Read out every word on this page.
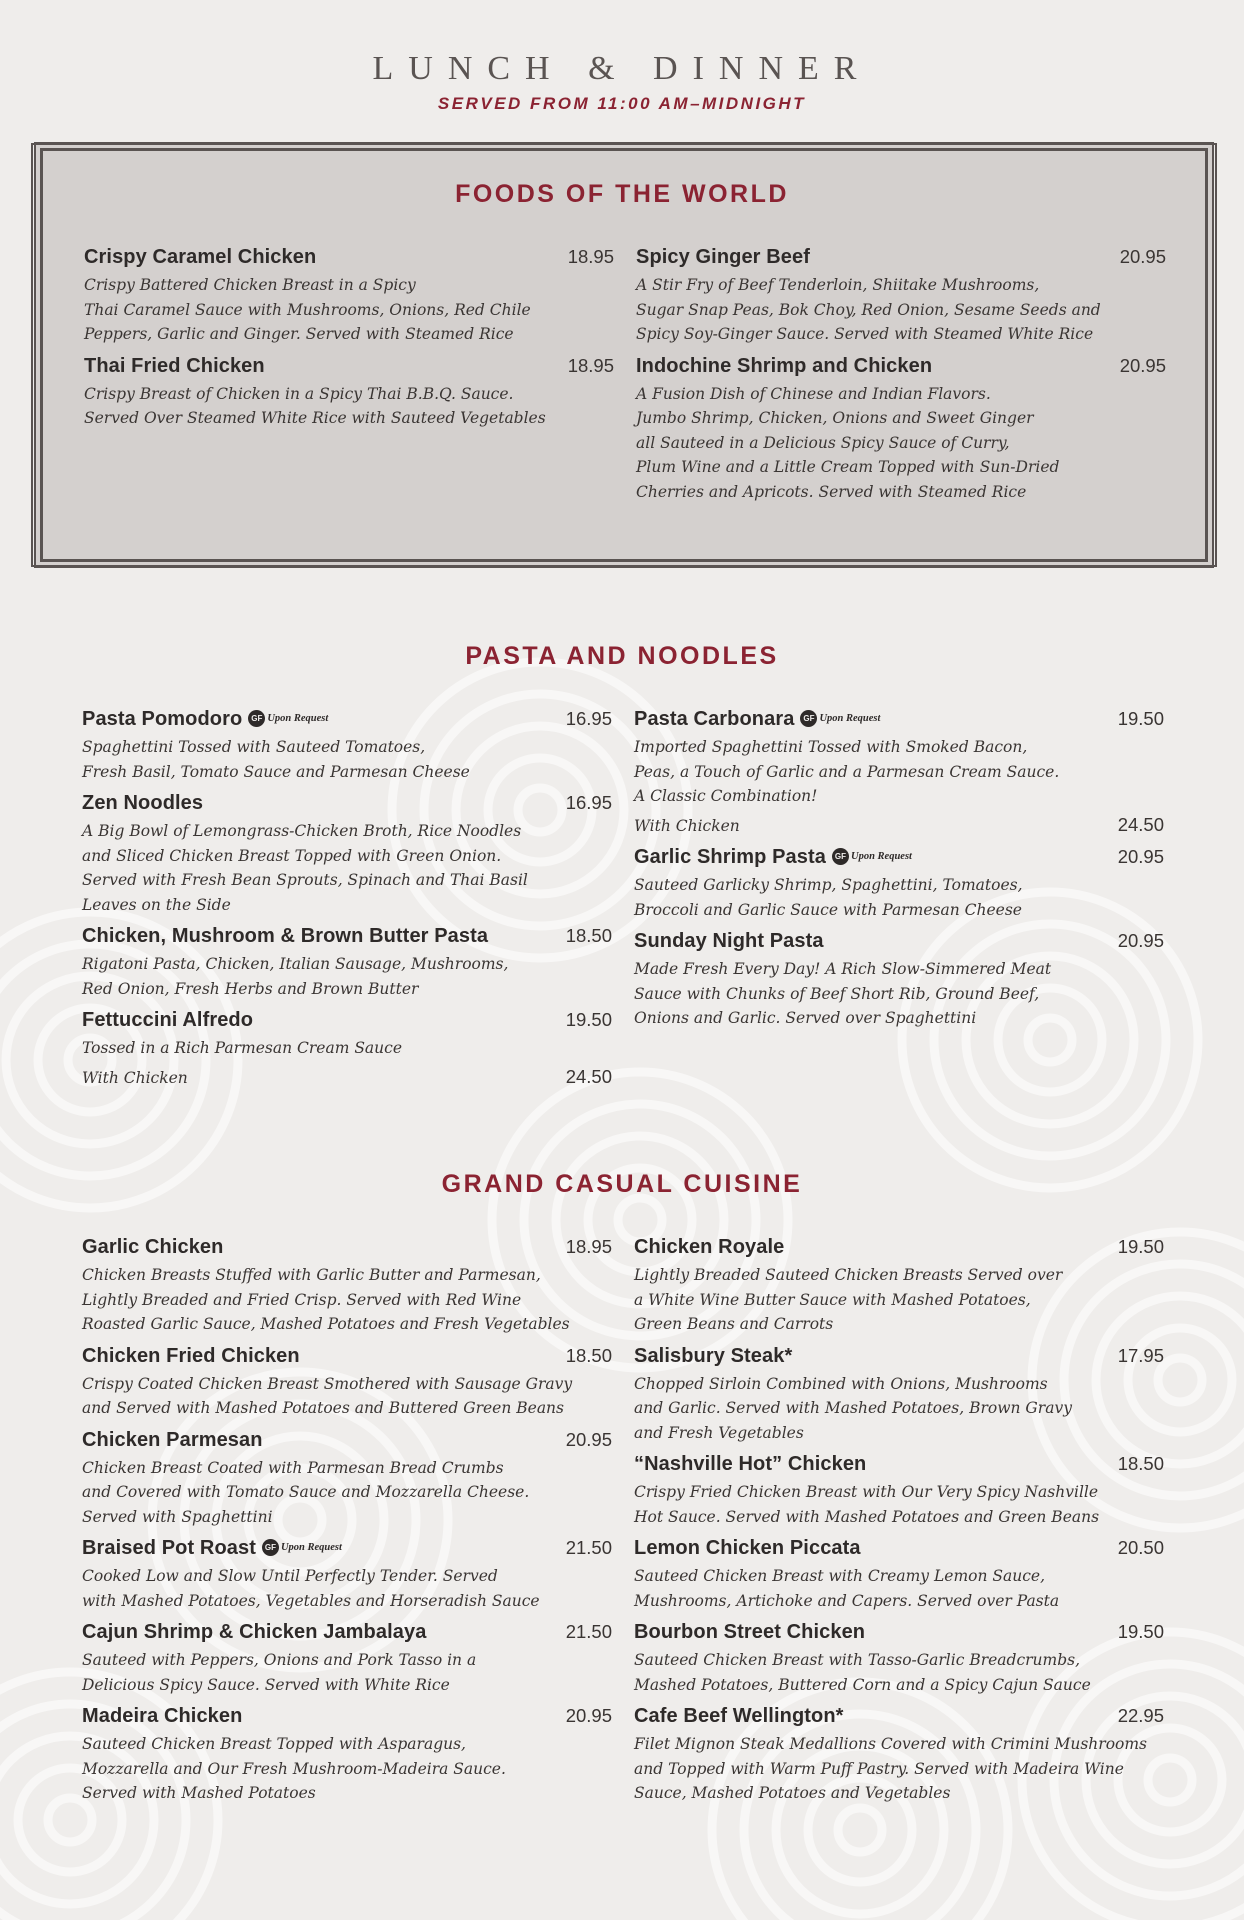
LUNCH & DINNER
SERVED FROM 11:00 AM–MIDNIGHT
FOODS OF THE WORLD
Crispy Caramel Chicken	18.95
Crispy Battered Chicken Breast in a Spicy
Thai Caramel Sauce with Mushrooms, Onions, Red Chile
Peppers, Garlic and Ginger. Served with Steamed Rice
Thai Fried Chicken	18.95
Crispy Breast of Chicken in a Spicy Thai B.B.Q. Sauce.
Served Over Steamed White Rice with Sauteed Vegetables
Spicy Ginger Beef	20.95
A Stir Fry of Beef Tenderloin, Shiitake Mushrooms,
Sugar Snap Peas, Bok Choy, Red Onion, Sesame Seeds and
Spicy Soy-Ginger Sauce. Served with Steamed White Rice
Indochine Shrimp and Chicken	20.95
A Fusion Dish of Chinese and Indian Flavors.
Jumbo Shrimp, Chicken, Onions and Sweet Ginger
all Sauteed in a Delicious Spicy Sauce of Curry,
Plum Wine and a Little Cream Topped with Sun-Dried
Cherries and Apricots. Served with Steamed Rice
PASTA AND NOODLES
Pasta Pomodoro	GF Upon Request	16.95
Spaghettini Tossed with Sauteed Tomatoes,
Fresh Basil, Tomato Sauce and Parmesan Cheese
Zen Noodles	16.95
A Big Bowl of Lemongrass-Chicken Broth, Rice Noodles
and Sliced Chicken Breast Topped with Green Onion.
Served with Fresh Bean Sprouts, Spinach and Thai Basil
Leaves on the Side
Chicken, Mushroom & Brown Butter Pasta	18.50
Rigatoni Pasta, Chicken, Italian Sausage, Mushrooms,
Red Onion, Fresh Herbs and Brown Butter
Fettuccini Alfredo	19.50
Tossed in a Rich Parmesan Cream Sauce
With Chicken	24.50
Pasta Carbonara	GF Upon Request	19.50
Imported Spaghettini Tossed with Smoked Bacon,
Peas, a Touch of Garlic and a Parmesan Cream Sauce.
A Classic Combination!
With Chicken	24.50
Garlic Shrimp Pasta	GF Upon Request	20.95
Sauteed Garlicky Shrimp, Spaghettini, Tomatoes,
Broccoli and Garlic Sauce with Parmesan Cheese
Sunday Night Pasta	20.95
Made Fresh Every Day! A Rich Slow-Simmered Meat
Sauce with Chunks of Beef Short Rib, Ground Beef,
Onions and Garlic. Served over Spaghettini
GRAND CASUAL CUISINE
Garlic Chicken	18.95
Chicken Breasts Stuffed with Garlic Butter and Parmesan,
Lightly Breaded and Fried Crisp. Served with Red Wine
Roasted Garlic Sauce, Mashed Potatoes and Fresh Vegetables
Chicken Fried Chicken	18.50
Crispy Coated Chicken Breast Smothered with Sausage Gravy
and Served with Mashed Potatoes and Buttered Green Beans
Chicken Parmesan	20.95
Chicken Breast Coated with Parmesan Bread Crumbs
and Covered with Tomato Sauce and Mozzarella Cheese.
Served with Spaghettini
Braised Pot Roast	GF Upon Request	21.50
Cooked Low and Slow Until Perfectly Tender. Served
with Mashed Potatoes, Vegetables and Horseradish Sauce
Cajun Shrimp & Chicken Jambalaya	21.50
Sauteed with Peppers, Onions and Pork Tasso in a
Delicious Spicy Sauce. Served with White Rice
Madeira Chicken	20.95
Sauteed Chicken Breast Topped with Asparagus,
Mozzarella and Our Fresh Mushroom-Madeira Sauce.
Served with Mashed Potatoes
Chicken Royale	19.50
Lightly Breaded Sauteed Chicken Breasts Served over
a White Wine Butter Sauce with Mashed Potatoes,
Green Beans and Carrots
Salisbury Steak*	17.95
Chopped Sirloin Combined with Onions, Mushrooms
and Garlic. Served with Mashed Potatoes, Brown Gravy
and Fresh Vegetables
“Nashville Hot” Chicken	18.50
Crispy Fried Chicken Breast with Our Very Spicy Nashville
Hot Sauce. Served with Mashed Potatoes and Green Beans
Lemon Chicken Piccata	20.50
Sauteed Chicken Breast with Creamy Lemon Sauce,
Mushrooms, Artichoke and Capers. Served over Pasta
Bourbon Street Chicken	19.50
Sauteed Chicken Breast with Tasso-Garlic Breadcrumbs,
Mashed Potatoes, Buttered Corn and a Spicy Cajun Sauce
Cafe Beef Wellington*	22.95
Filet Mignon Steak Medallions Covered with Crimini Mushrooms
and Topped with Warm Puff Pastry. Served with Madeira Wine
Sauce, Mashed Potatoes and Vegetables
